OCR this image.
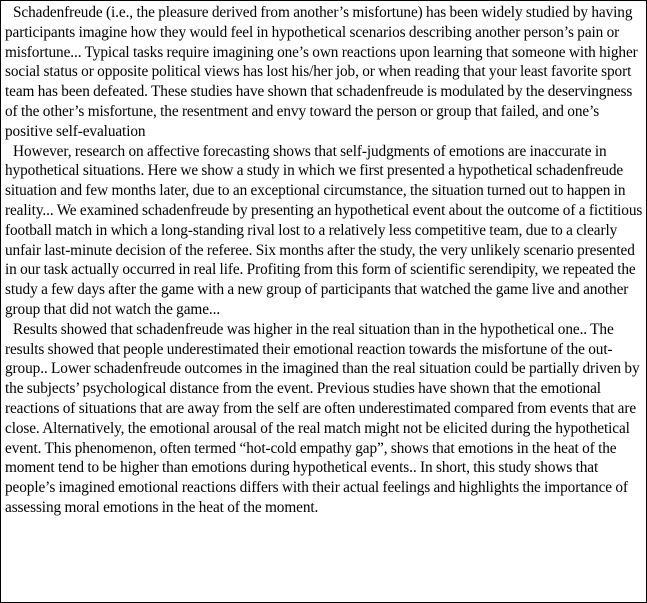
Schadenfreude (i.e., the pleasure derived from another’s misfortune) has been widely studied by having participants imagine how they would feel in hypothetical scenarios describing another person’s pain or misfortune... Typical tasks require imagining one’s own reactions upon learning that someone with higher social status or opposite political views has lost his/her job, or when reading that your least favorite sport team has been defeated. These studies have shown that schadenfreude is modulated by the deservingness of the other’s misfortune, the resentment and envy toward the person or group that failed, and one’s positive self-evaluation

However, research on affective forecasting shows that self-judgments of emotions are inaccurate in hypothetical situations. Here we show a study in which we first presented a hypothetical schadenfreude situation and few months later, due to an exceptional circumstance, the situation turned out to happen in reality... We examined schadenfreude by presenting an hypothetical event about the outcome of a fictitious football match in which a long-standing rival lost to a relatively less competitive team, due to a clearly unfair last-minute decision of the referee. Six months after the study, the very unlikely scenario presented in our task actually occurred in real life. Profiting from this form of scientific serendipity, we repeated the study a few days after the game with a new group of participants that watched the game live and another group that did not watch the game...

Results showed that schadenfreude was higher in the real situation than in the hypothetical one.. The results showed that people underestimated their emotional reaction towards the misfortune of the out-group.. Lower schadenfreude outcomes in the imagined than the real situation could be partially driven by the subjects’ psychological distance from the event. Previous studies have shown that the emotional reactions of situations that are away from the self are often underestimated compared from events that are close. Alternatively, the emotional arousal of the real match might not be elicited during the hypothetical event. This phenomenon, often termed “hot-cold empathy gap”, shows that emotions in the heat of the moment tend to be higher than emotions during hypothetical events.. In short, this study shows that people’s imagined emotional reactions differs with their actual feelings and highlights the importance of assessing moral emotions in the heat of the moment.
